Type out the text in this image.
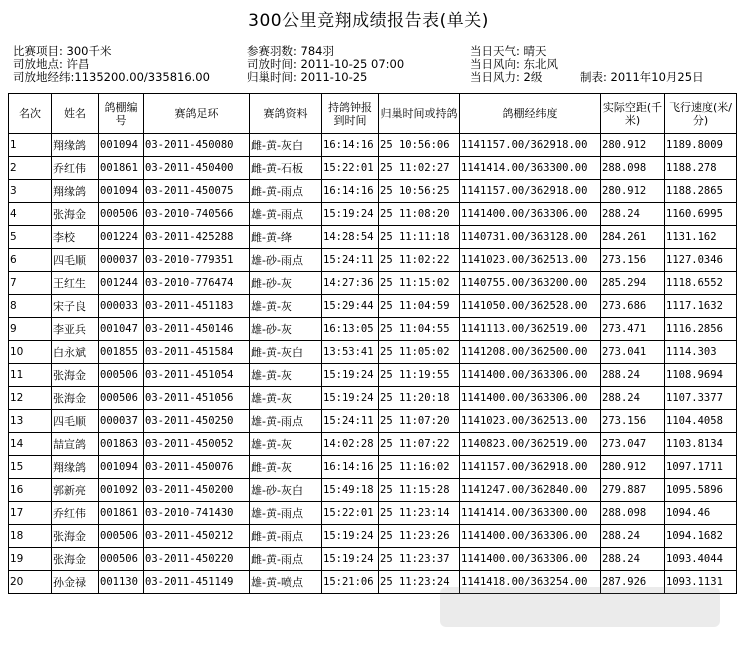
300公里竞翔成绩报告表(单关)
比赛项目: 300千米
司放地点: 许昌
司放地经纬:1135200.00/335816.00
参赛羽数: 784羽
司放时间: 2011-10-25 07:00
归巢时间: 2011-10-25
当日天气: 晴天
当日风向: 东北风
当日风力: 2级	制表: 2011年10月25日
名次	姓名	鸽棚编号	赛鸽足环	赛鸽资料	持鸽钟报到时间	归巢时间或持鸽	鸽棚经纬度	实际空距(千米)	飞行速度(米/分)
1	翔缘鸽	001094	03-2011-450080	雌-黄-灰白	16:14:16	25 10:56:06	1141157.00/362918.00	280.912	1189.8009
2	乔红伟	001861	03-2011-450400	雌-黄-石板	15:22:01	25 11:02:27	1141414.00/363300.00	288.098	1188.278
3	翔缘鸽	001094	03-2011-450075	雌-黄-雨点	16:14:16	25 10:56:25	1141157.00/362918.00	280.912	1188.2865
4	张海金	000506	03-2010-740566	雄-黄-雨点	15:19:24	25 11:08:20	1141400.00/363306.00	288.24	1160.6995
5	李校	001224	03-2011-425288	雌-黄-绛	14:28:54	25 11:11:18	1140731.00/363128.00	284.261	1131.162
6	四毛顺	000037	03-2010-779351	雄-砂-雨点	15:24:11	25 11:02:22	1141023.00/362513.00	273.156	1127.0346
7	王红生	001244	03-2010-776474	雌-砂-灰	14:27:36	25 11:15:02	1140755.00/363200.00	285.294	1118.6552
8	宋子良	000033	03-2011-451183	雄-黄-灰	15:29:44	25 11:04:59	1141050.00/362528.00	273.686	1117.1632
9	李亚兵	001047	03-2011-450146	雄-砂-灰	16:13:05	25 11:04:55	1141113.00/362519.00	273.471	1116.2856
10	白永斌	001855	03-2011-451584	雌-黄-灰白	13:53:41	25 11:05:02	1141208.00/362500.00	273.041	1114.303
11	张海金	000506	03-2011-451054	雄-黄-灰	15:19:24	25 11:19:55	1141400.00/363306.00	288.24	1108.9694
12	张海金	000506	03-2011-451056	雄-黄-灰	15:19:24	25 11:20:18	1141400.00/363306.00	288.24	1107.3377
13	四毛顺	000037	03-2011-450250	雄-黄-雨点	15:24:11	25 11:07:20	1141023.00/362513.00	273.156	1104.4058
14	喆宣鸽	001863	03-2011-450052	雄-黄-灰	14:02:28	25 11:07:22	1140823.00/362519.00	273.047	1103.8134
15	翔缘鸽	001094	03-2011-450076	雌-黄-灰	16:14:16	25 11:16:02	1141157.00/362918.00	280.912	1097.1711
16	郭新亮	001092	03-2011-450200	雄-砂-灰白	15:49:18	25 11:15:28	1141247.00/362840.00	279.887	1095.5896
17	乔红伟	001861	03-2010-741430	雄-黄-雨点	15:22:01	25 11:23:14	1141414.00/363300.00	288.098	1094.46
18	张海金	000506	03-2011-450212	雌-黄-雨点	15:19:24	25 11:23:26	1141400.00/363306.00	288.24	1094.1682
19	张海金	000506	03-2011-450220	雌-黄-雨点	15:19:24	25 11:23:37	1141400.00/363306.00	288.24	1093.4044
20	孙金禄	001130	03-2011-451149	雄-黄-喷点	15:21:06	25 11:23:24	1141418.00/363254.00	287.926	1093.1131
